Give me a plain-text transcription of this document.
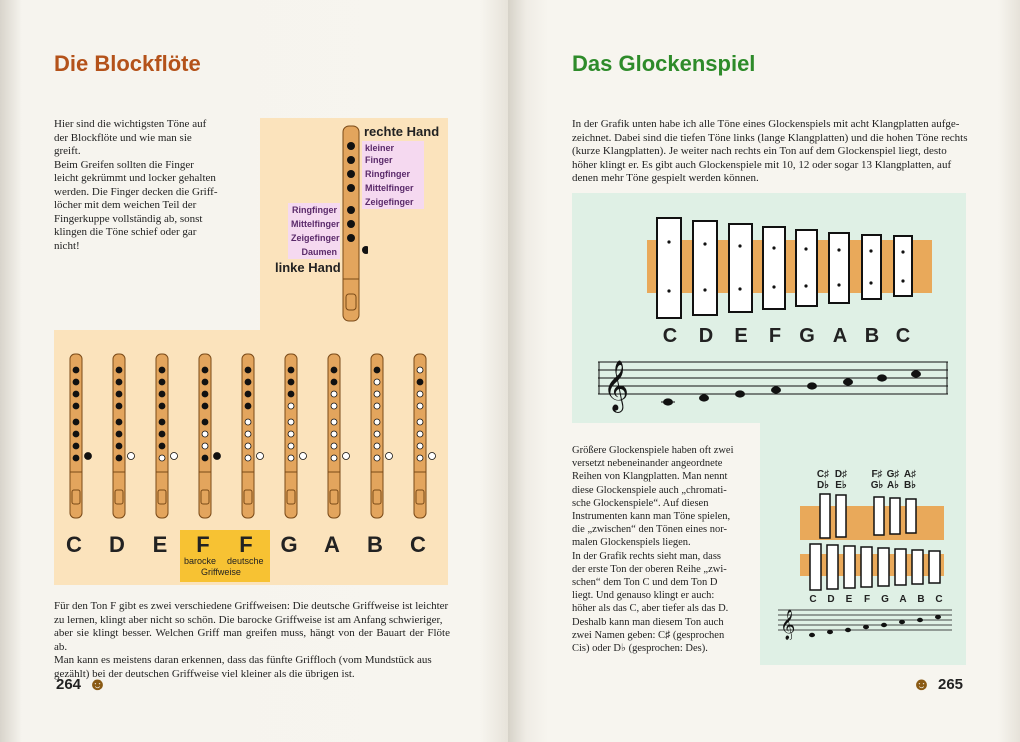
Die Blockflöte
Hier sind die wichtigsten Töne auf
der Blockflöte und wie man sie
greift.
Beim Greifen sollten die Finger
leicht gekrümmt und locker gehalten
werden. Die Finger decken die Griff-
löcher mit dem weichen Teil der
Fingerkuppe vollständig ab, sonst
klingen die Töne schief oder gar
nicht!
rechte Hand
kleiner Finger
Ringfinger
Mittelfinger
Zeigefinger
Ringfinger
Mittelfinger
Zeigefinger
Daumen
linke Hand
C D	E	F	F	G A B C
barocke deutsche
Griffweise
Für den Ton F gibt es zwei verschiedene Griffweisen: Die deutsche Griffweise ist leichter
zu lernen, klingt aber nicht so schön. Die barocke Griffweise ist am Anfang schwieriger,
aber sie klingt besser. Welchen Griff man greifen muss, hängt von der Bauart der Flöte ab.
Man kann es meistens daran erkennen, dass das fünfte Griffloch (vom Mundstück aus
gezählt) bei der deutschen Griffweise viel kleiner als die übrigen ist.
264 ☻
Das Glockenspiel
In der Grafik unten habe ich alle Töne eines Glockenspiels mit acht Klangplatten aufge-
zeichnet. Dabei sind die tiefen Töne links (lange Klangplatten) und die hohen Töne rechts
(kurze Klangplatten). Je weiter nach rechts ein Ton auf dem Glockenspiel liegt, desto
höher klingt er. Es gibt auch Glockenspiele mit 10, 12 oder sogar 13 Klangplatten, auf
denen mehr Töne gespielt werden können.
C D	E	F G A B C
𝄞
Größere Glockenspiele haben oft zwei
versetzt nebeneinander angeordnete
Reihen von Klangplatten. Man nennt
diese Glockenspiele auch „chromati-
sche Glockenspiele“. Auf diesen
Instrumenten kann man Töne spielen,
die „zwischen“ den Tönen eines nor-
malen Glockenspiels liegen.
In der Grafik rechts sieht man, dass
der erste Ton der oberen Reihe „zwi-
schen“ dem Ton C und dem Ton D
liegt. Und genauso klingt er auch:
höher als das C, aber tiefer als das D.
Deshalb kann man diesem Ton auch
zwei Namen geben: C♯ (gesprochen
Cis) oder D♭ (gesprochen: Des).
C♯
D♭
D♯
E♭
F♯
G♭
G♯
A♭
A♯
B♭
C	D	E	F	G	A	B	C
𝄞
☻ 265
